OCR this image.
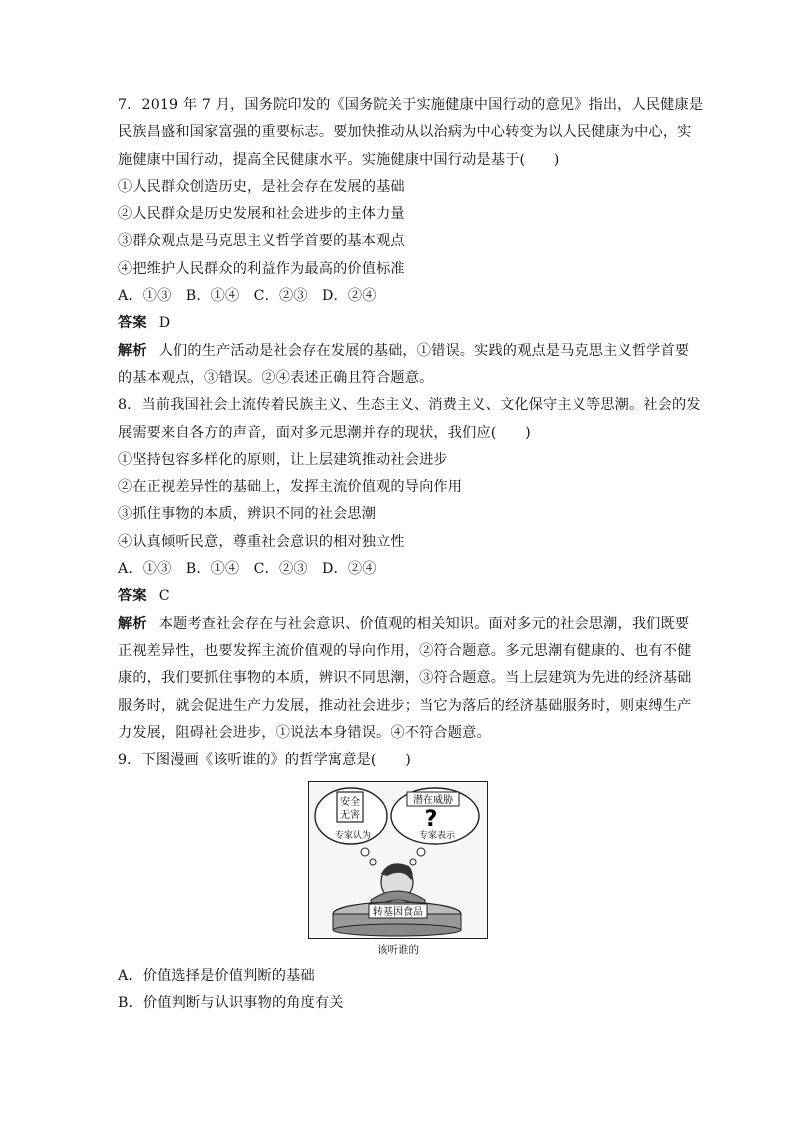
7．2019 年 7 月，国务院印发的《国务院关于实施健康中国行动的意见》指出，人民健康是
民族昌盛和国家富强的重要标志。要加快推动从以治病为中心转变为以人民健康为中心，实
施健康中国行动，提高全民健康水平。实施健康中国行动是基于(　　)
①人民群众创造历史，是社会存在发展的基础
②人民群众是历史发展和社会进步的主体力量
③群众观点是马克思主义哲学首要的基本观点
④把维护人民群众的利益作为最高的价值标准
A．①③　B．①④　C．②③　D．②④
答案 D
解析 人们的生产活动是社会存在发展的基础，①错误。实践的观点是马克思主义哲学首要
的基本观点，③错误。②④表述正确且符合题意。
8．当前我国社会上流传着民族主义、生态主义、消费主义、文化保守主义等思潮。社会的发
展需要来自各方的声音，面对多元思潮并存的现状，我们应(　　)
①坚持包容多样化的原则，让上层建筑推动社会进步
②在正视差异性的基础上，发挥主流价值观的导向作用
③抓住事物的本质，辨识不同的社会思潮
④认真倾听民意，尊重社会意识的相对独立性
A．①③　B．①④　C．②③　D．②④
答案 C
解析 本题考查社会存在与社会意识、价值观的相关知识。面对多元的社会思潮，我们既要
正视差异性，也要发挥主流价值观的导向作用，②符合题意。多元思潮有健康的、也有不健
康的，我们要抓住事物的本质，辨识不同思潮，③符合题意。当上层建筑为先进的经济基础
服务时，就会促进生产力发展，推动社会进步；当它为落后的经济基础服务时，则束缚生产
力发展，阻碍社会进步，①说法本身错误。④不符合题意。
9．下图漫画《该听谁的》的哲学寓意是(　　)
安全
无害
专家认为
潜在威胁
?
专家表示
转基因食品
该听谁的
A．价值选择是价值判断的基础
B．价值判断与认识事物的角度有关
